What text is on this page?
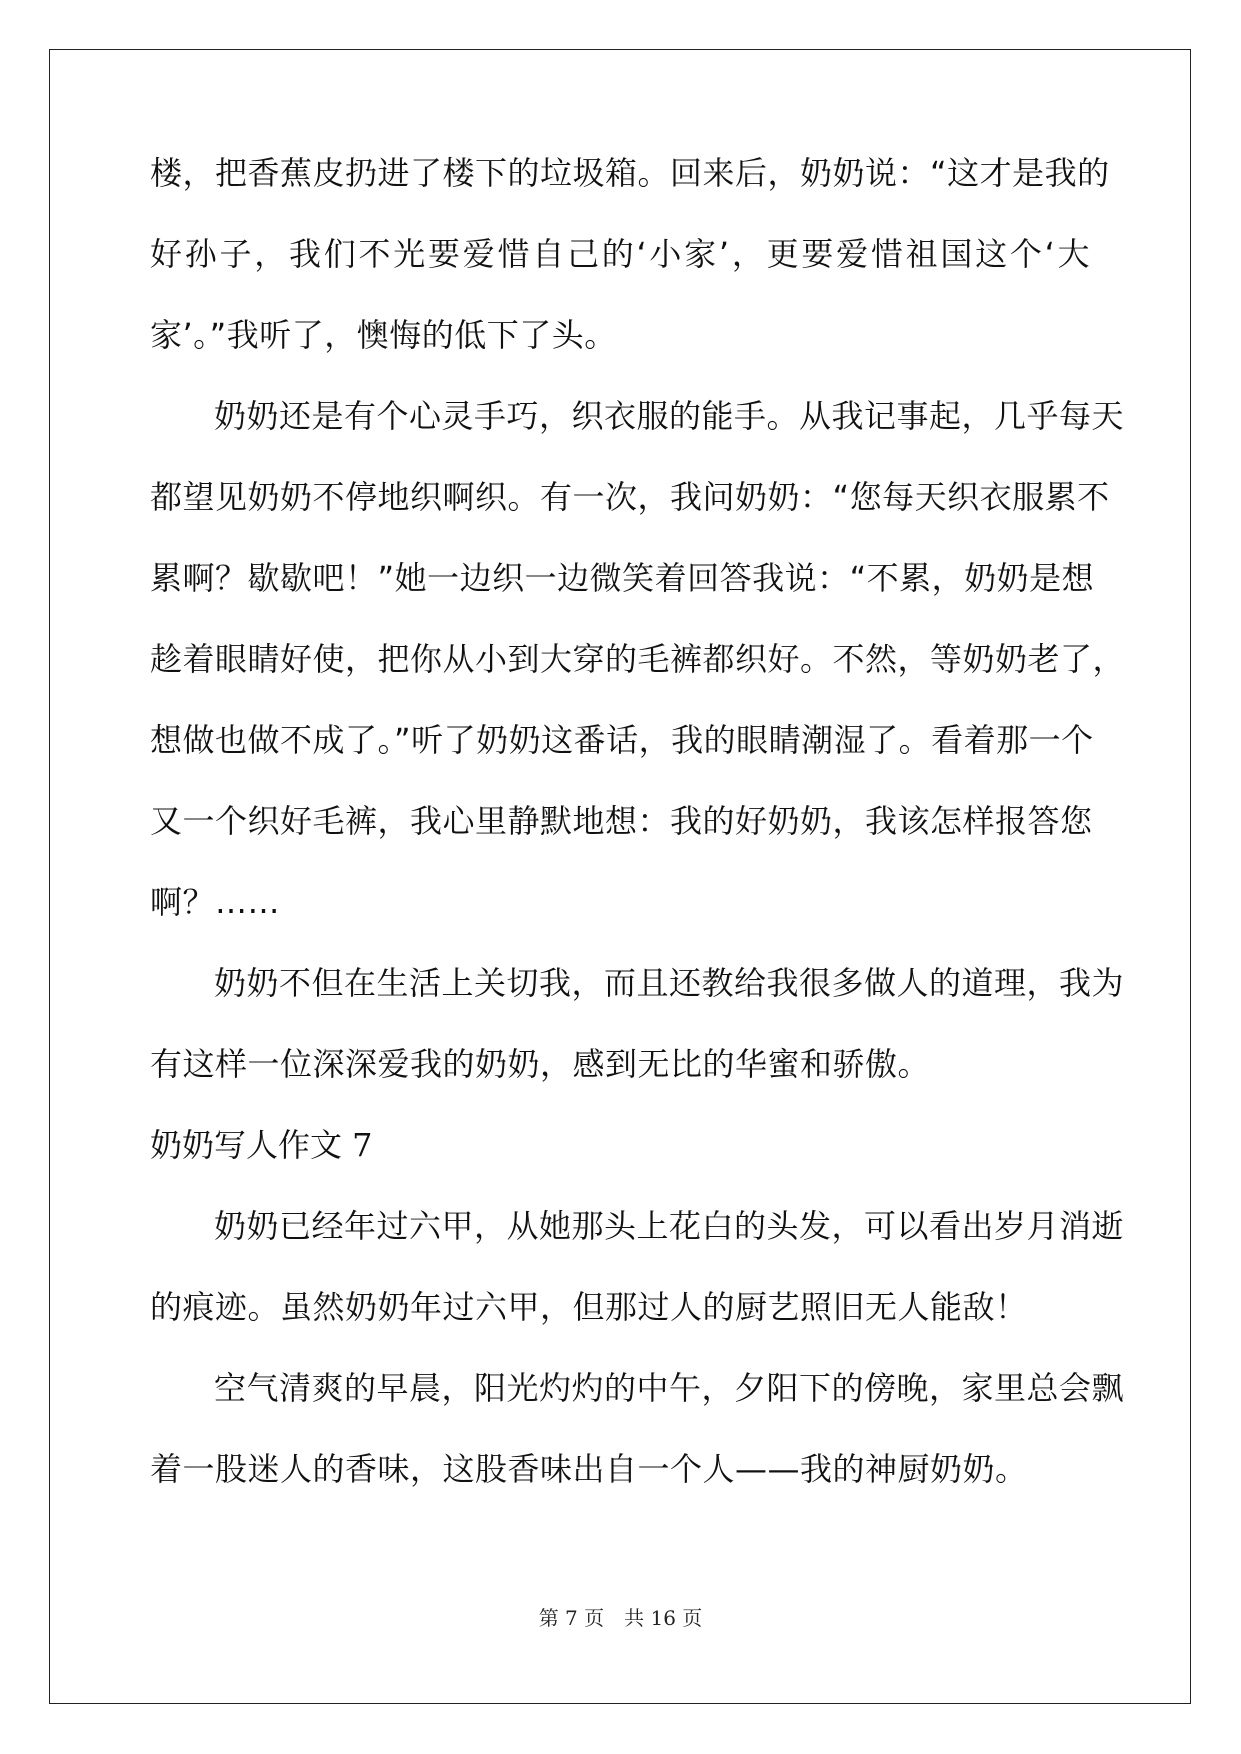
楼，把香蕉皮扔进了楼下的垃圾箱。回来后，奶奶说：“这才是我的
好孙子，我们不光要爱惜自己的‘小家’，更要爱惜祖国这个‘大
家’。”我听了，懊悔的低下了头。
奶奶还是有个心灵手巧，织衣服的能手。从我记事起，几乎每天
都望见奶奶不停地织啊织。有一次，我问奶奶：“您每天织衣服累不
累啊？歇歇吧！”她一边织一边微笑着回答我说：“不累，奶奶是想
趁着眼睛好使，把你从小到大穿的毛裤都织好。不然，等奶奶老了，
想做也做不成了。”听了奶奶这番话，我的眼睛潮湿了。看着那一个
又一个织好毛裤，我心里静默地想：我的好奶奶，我该怎样报答您
啊？……
奶奶不但在生活上关切我，而且还教给我很多做人的道理，我为
有这样一位深深爱我的奶奶，感到无比的华蜜和骄傲。
奶奶写人作文 7
奶奶已经年过六甲，从她那头上花白的头发，可以看出岁月消逝
的痕迹。虽然奶奶年过六甲，但那过人的厨艺照旧无人能敌！
空气清爽的早晨，阳光灼灼的中午，夕阳下的傍晚，家里总会飘
着一股迷人的香味，这股香味出自一个人——我的神厨奶奶。
第 7 页 共 16 页
